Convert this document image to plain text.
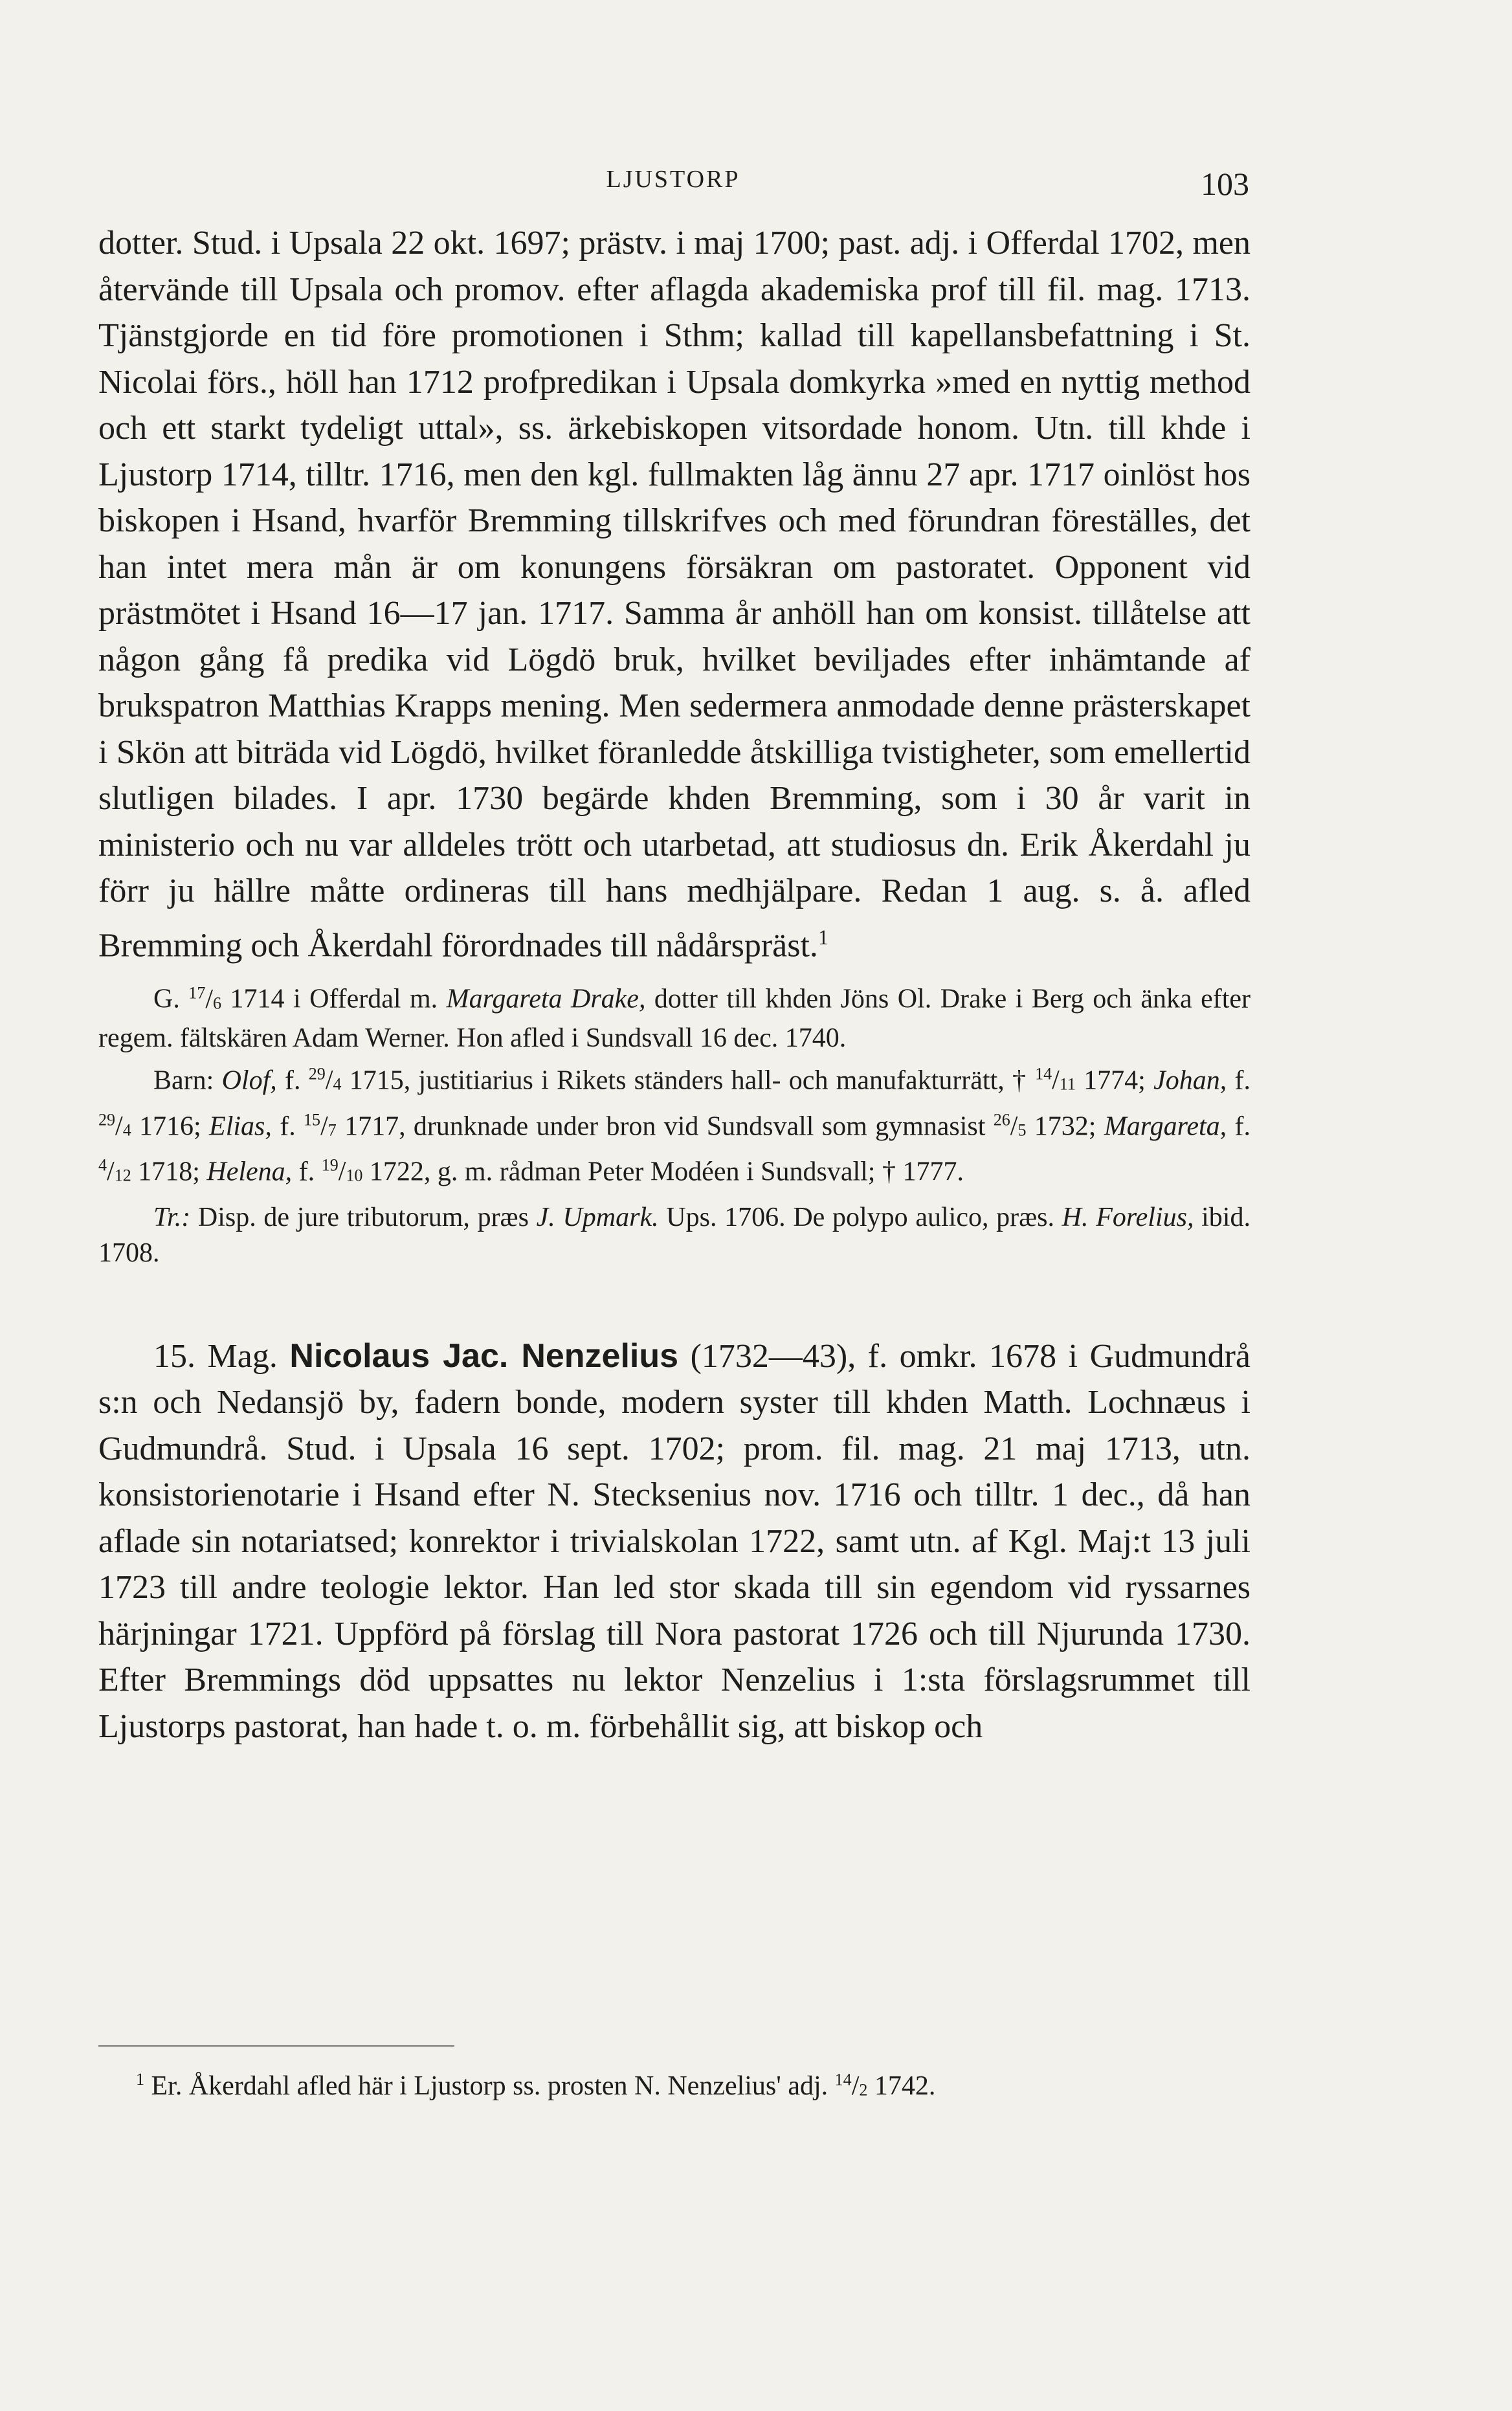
LJUSTORP	103

dotter. Stud. i Upsala 22 okt. 1697; prästv. i maj 1700; past. adj. i Offerdal 1702, men återvände till Upsala och promov. efter aflagda akademiska prof till fil. mag. 1713. Tjänstgjorde en tid före promotionen i Sthm; kallad till kapellansbefattning i St. Nicolai förs., höll han 1712 profpredikan i Upsala domkyrka »med en nyttig method och ett starkt tydeligt uttal», ss. ärkebiskopen vitsordade honom. Utn. till khde i Ljustorp 1714, tilltr. 1716, men den kgl. fullmakten låg ännu 27 apr. 1717 oinlöst hos biskopen i Hsand, hvarför Bremming tillskrifves och med förundran föreställes, det han intet mera mån är om konungens försäkran om pastoratet. Opponent vid prästmötet i Hsand 16—17 jan. 1717. Samma år anhöll han om konsist. tillåtelse att någon gång få predika vid Lögdö bruk, hvilket beviljades efter inhämtande af brukspatron Matthias Krapps mening. Men sedermera anmodade denne prästerskapet i Skön att biträda vid Lögdö, hvilket föranledde åtskilliga tvistigheter, som emellertid slutligen bilades. I apr. 1730 begärde khden Bremming, som i 30 år varit in ministerio och nu var alldeles trött och utarbetad, att studiosus dn. Erik Åkerdahl ju förr ju hällre måtte ordineras till hans medhjälpare. Redan 1 aug. s. å. afled Bremming och Åkerdahl förordnades till nådårspräst.$^1$

G. $^{17}/_6$ 1714 i Offerdal m. Margareta Drake, dotter till khden Jöns Ol. Drake i Berg och änka efter regem. fältskären Adam Werner. Hon afled i Sundsvall 16 dec. 1740.

Barn: Olof, f. $^{29}/_4$ 1715, justitiarius i Rikets ständers hall- och manufakturrätt, † $^{14}/_{11}$ 1774; Johan, f. $^{29}/_4$ 1716; Elias, f. $^{15}/_7$ 1717, drunknade under bron vid Sundsvall som gymnasist $^{26}/_5$ 1732; Margareta, f. $^4/_{12}$ 1718; Helena, f. $^{19}/_{10}$ 1722, g. m. rådman Peter Modéen i Sundsvall; † 1777.

Tr.: Disp. de jure tributorum, præs J. Upmark. Ups. 1706. De polypo aulico, præs. H. Forelius, ibid. 1708.

15. Mag. Nicolaus Jac. Nenzelius (1732—43), f. omkr. 1678 i Gudmundrå s:n och Nedansjö by, fadern bonde, modern syster till khden Matth. Lochnæus i Gudmundrå. Stud. i Upsala 16 sept. 1702; prom. fil. mag. 21 maj 1713, utn. konsistorienotarie i Hsand efter N. Stecksenius nov. 1716 och tilltr. 1 dec., då han aflade sin notariatsed; konrektor i trivialskolan 1722, samt utn. af Kgl. Maj:t 13 juli 1723 till andre teologie lektor. Han led stor skada till sin egendom vid ryssarnes härjningar 1721. Uppförd på förslag till Nora pastorat 1726 och till Njurunda 1730. Efter Bremmings död uppsattes nu lektor Nenzelius i 1:sta förslagsrummet till Ljustorps pastorat, han hade t. o. m. förbehållit sig, att biskop och

$^1$ Er. Åkerdahl afled här i Ljustorp ss. prosten N. Nenzelius' adj. $^{14}/_2$ 1742.
